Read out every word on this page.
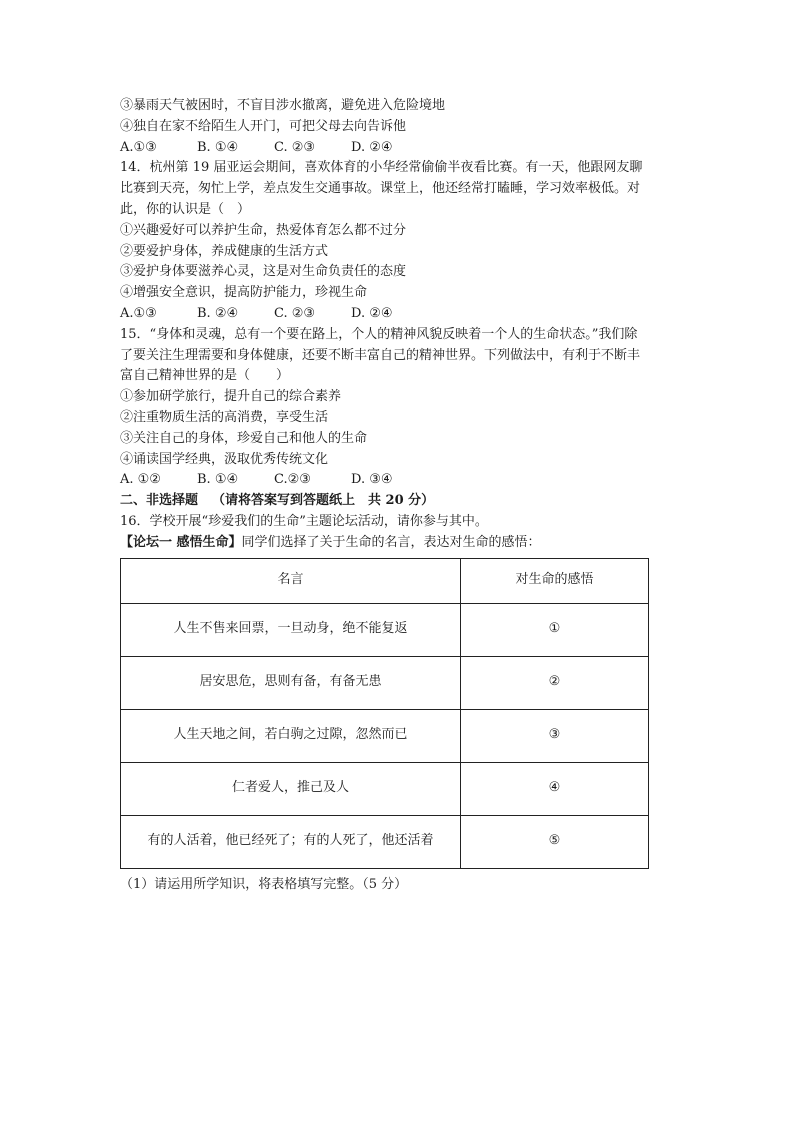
③暴雨天气被困时，不盲目涉水撤离，避免进入危险境地
④独自在家不给陌生人开门，可把父母去向告诉他
A.①③	B. ①④	C. ②③	D. ②④
14．杭州第 19 届亚运会期间，喜欢体育的小华经常偷偷半夜看比赛。有一天，他跟网友聊
比赛到天亮，匆忙上学，差点发生交通事故。课堂上，他还经常打瞌睡，学习效率极低。对
此，你的认识是（　）
①兴趣爱好可以养护生命，热爱体育怎么都不过分
②要爱护身体，养成健康的生活方式
③爱护身体要滋养心灵，这是对生命负责任的态度
④增强安全意识，提高防护能力，珍视生命
A.①③	B. ②④	C. ②③	D. ②④
15．“身体和灵魂，总有一个要在路上，个人的精神风貌反映着一个人的生命状态。”我们除
了要关注生理需要和身体健康，还要不断丰富自己的精神世界。下列做法中，有利于不断丰
富自己精神世界的是（　　）
①参加研学旅行，提升自己的综合素养
②注重物质生活的高消费，享受生活
③关注自己的身体，珍爱自己和他人的生命
④诵读国学经典，汲取优秀传统文化
A. ①②	B. ①④	C.②③	D. ③④
二、非选择题 （请将答案写到答题纸上　共 20 分）
16．学校开展“珍爱我们的生命”主题论坛活动，请你参与其中。
【论坛一 感悟生命】同学们选择了关于生命的名言，表达对生命的感悟：
名言	对生命的感悟
人生不售来回票，一旦动身，绝不能复返	①
居安思危，思则有备，有备无患	②
人生天地之间，若白驹之过隙，忽然而已	③
仁者爱人，推己及人	④
有的人活着，他已经死了；有的人死了，他还活着	⑤
（1）请运用所学知识，将表格填写完整。（5 分）
